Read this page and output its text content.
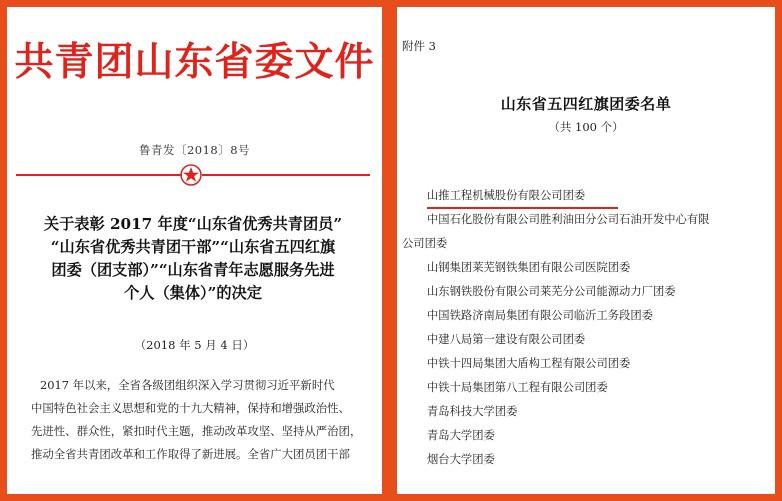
共青团山东省委文件
鲁青发〔2018〕8号
关于表彰 2017 年度“山东省优秀共青团员”
“山东省优秀共青团干部”“山东省五四红旗
团委（团支部）”“山东省青年志愿服务先进
个人（集体）”的决定
（2018 年 5 月 4 日）
2017 年以来，全省各级团组织深入学习贯彻习近平新时代
中国特色社会主义思想和党的十九大精神，保持和增强政治性、
先进性、群众性，紧扣时代主题，推动改革攻坚、坚持从严治团，
推动全省共青团改革和工作取得了新进展。全省广大团员团干部
附件 3
山东省五四红旗团委名单
（共 100 个）
山推工程机械股份有限公司团委
中国石化股份有限公司胜利油田分公司石油开发中心有限
公司团委
山钢集团莱芜钢铁集团有限公司医院团委
山东钢铁股份有限公司莱芜分公司能源动力厂团委
中国铁路济南局集团有限公司临沂工务段团委
中建八局第一建设有限公司团委
中铁十四局集团大盾构工程有限公司团委
中铁十局集团第八工程有限公司团委
青岛科技大学团委
青岛大学团委
烟台大学团委
